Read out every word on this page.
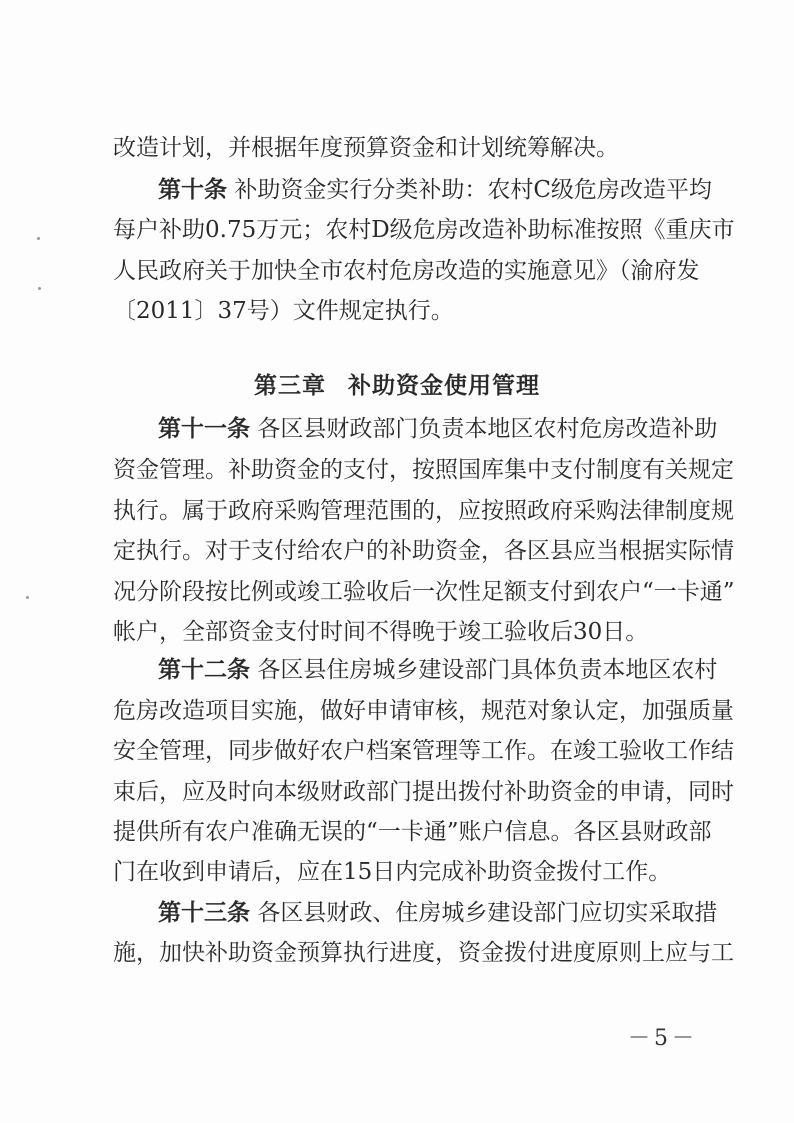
改造计划，并根据年度预算资金和计划统筹解决。
第十条 补助资金实行分类补助：农村C级危房改造平均
每户补助0.75万元；农村D级危房改造补助标准按照《重庆市
人民政府关于加快全市农村危房改造的实施意见》（渝府发
〔2011〕37号）文件规定执行。
第三章 补助资金使用管理
第十一条 各区县财政部门负责本地区农村危房改造补助
资金管理。补助资金的支付，按照国库集中支付制度有关规定
执行。属于政府采购管理范围的，应按照政府采购法律制度规
定执行。对于支付给农户的补助资金，各区县应当根据实际情
况分阶段按比例或竣工验收后一次性足额支付到农户“一卡通”
帐户，全部资金支付时间不得晚于竣工验收后30日。
第十二条 各区县住房城乡建设部门具体负责本地区农村
危房改造项目实施，做好申请审核，规范对象认定，加强质量
安全管理，同步做好农户档案管理等工作。在竣工验收工作结
束后，应及时向本级财政部门提出拨付补助资金的申请，同时
提供所有农户准确无误的“一卡通”账户信息。各区县财政部
门在收到申请后，应在15日内完成补助资金拨付工作。
第十三条 各区县财政、住房城乡建设部门应切实采取措
施，加快补助资金预算执行进度，资金拨付进度原则上应与工
－5－
